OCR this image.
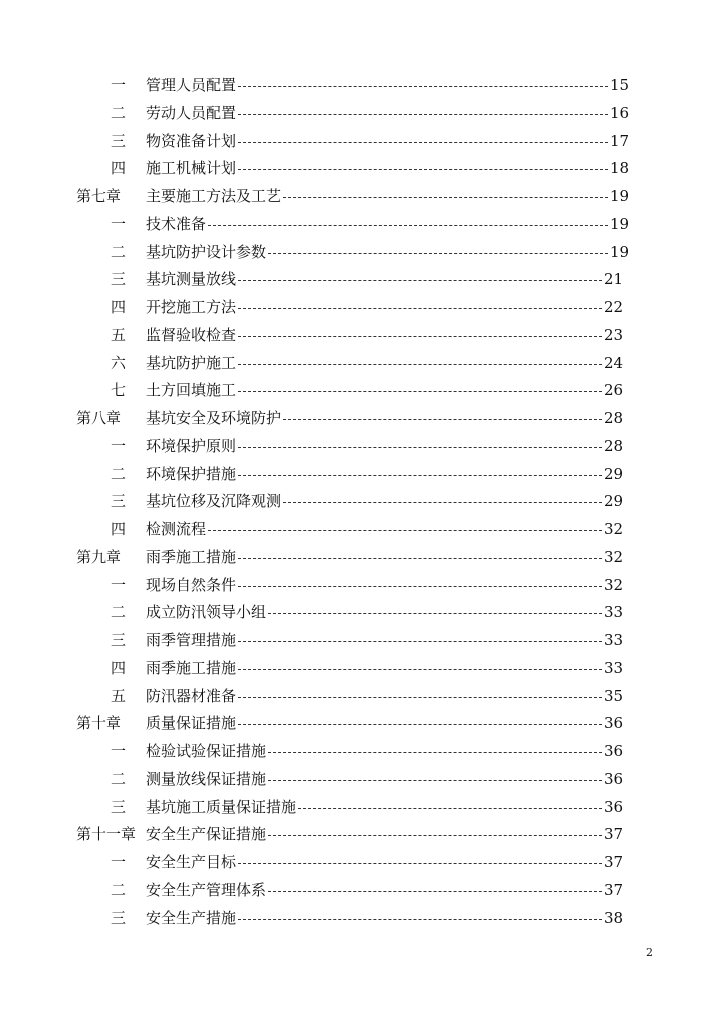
一 管理人员配置	15
二 劳动人员配置	16
三 物资准备计划	17
四 施工机械计划	18
第七章 主要施工方法及工艺	19
一 技术准备	19
二 基坑防护设计参数	19
三 基坑测量放线	21
四 开挖施工方法	22
五 监督验收检查	23
六 基坑防护施工	24
七 土方回填施工	26
第八章 基坑安全及环境防护	28
一 环境保护原则	28
二 环境保护措施	29
三 基坑位移及沉降观测	29
四 检测流程	32
第九章 雨季施工措施	32
一 现场自然条件	32
二 成立防汛领导小组	33
三 雨季管理措施	33
四 雨季施工措施	33
五 防汛器材准备	35
第十章 质量保证措施	36
一 检验试验保证措施	36
二 测量放线保证措施	36
三 基坑施工质量保证措施	36
第十一章 安全生产保证措施	37
一 安全生产目标	37
二 安全生产管理体系	37
三 安全生产措施	38
2
